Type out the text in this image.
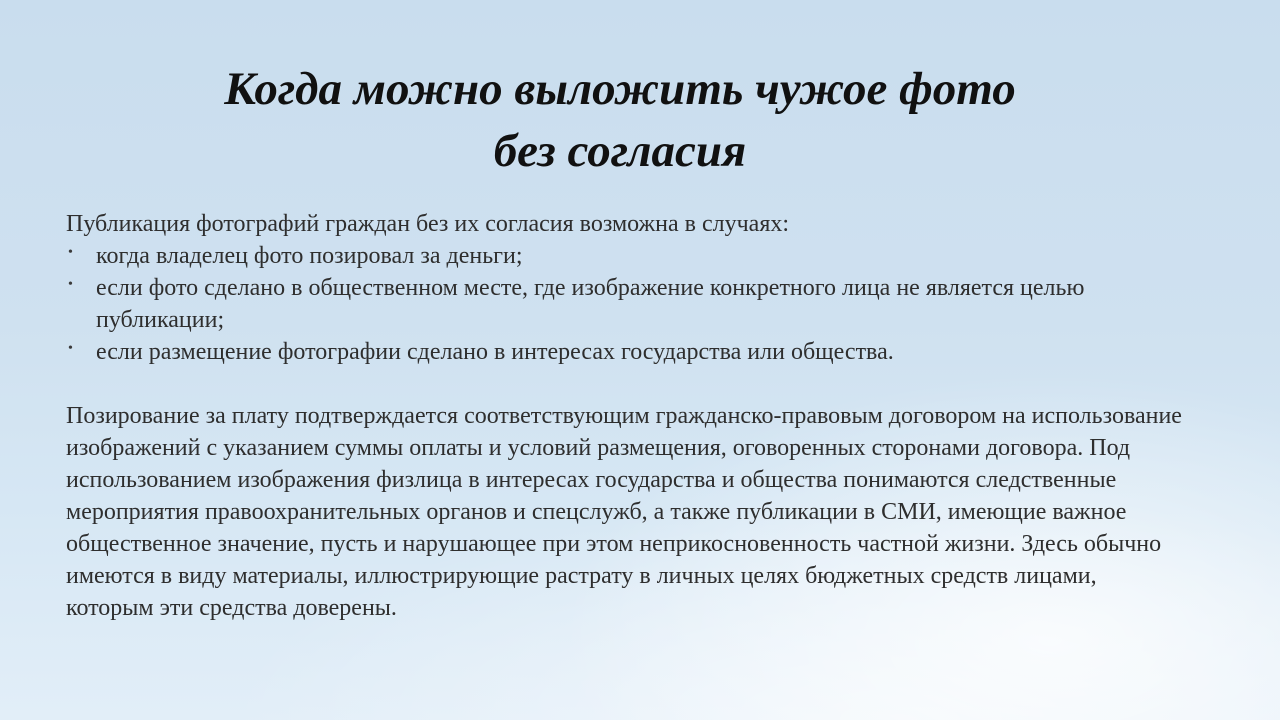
Когда можно выложить чужое фото
без согласия

Публикация фотографий граждан без их согласия возможна в случаях:

• когда владелец фото позировал за деньги;
• если фото сделано в общественном месте, где изображение конкретного лица не является целью публикации;
• если размещение фотографии сделано в интересах государства или общества.

Позирование за плату подтверждается соответствующим гражданско-правовым договором на использование изображений с указанием суммы оплаты и условий размещения, оговоренных сторонами договора. Под использованием изображения физлица в интересах государства и общества понимаются следственные мероприятия правоохранительных органов и спецслужб, а также публикации в СМИ, имеющие важное общественное значение, пусть и нарушающее при этом неприкосновенность частной жизни. Здесь обычно имеются в виду материалы, иллюстрирующие растрату в личных целях бюджетных средств лицами, которым эти средства доверены.
